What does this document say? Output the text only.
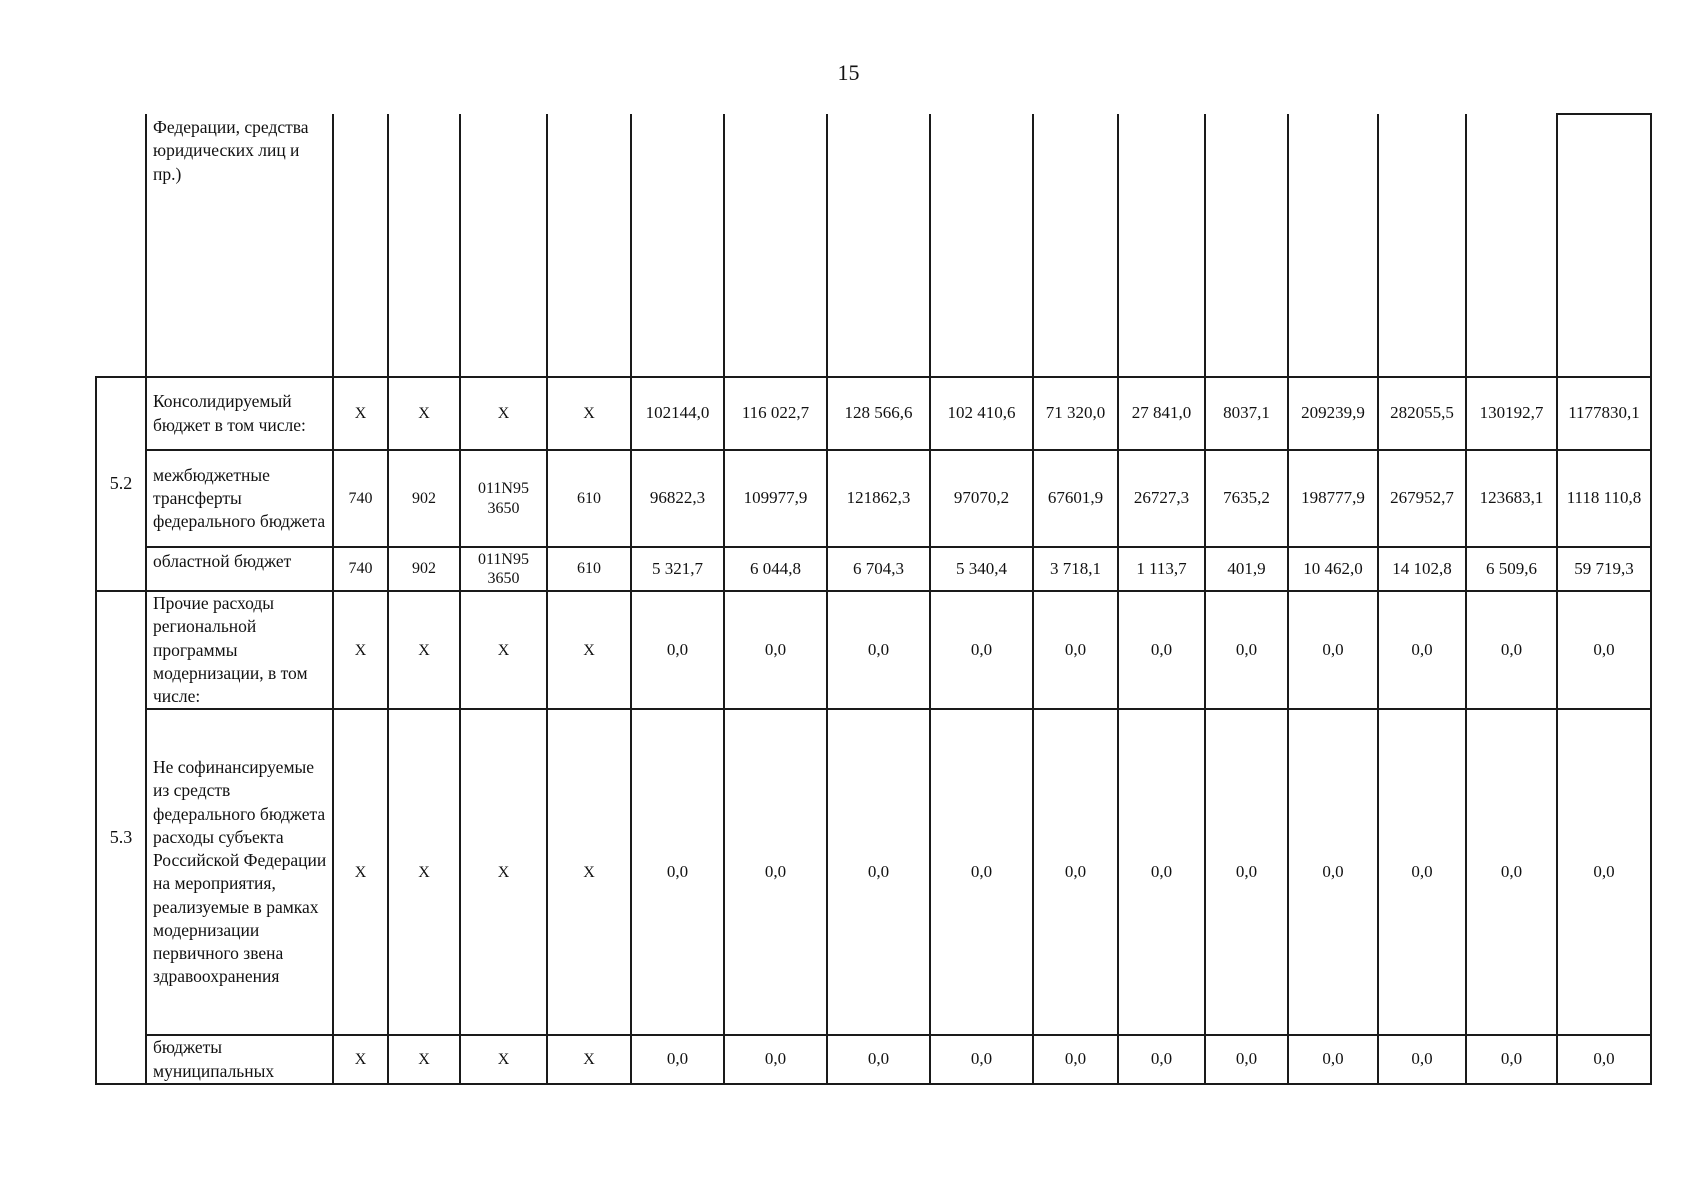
15
	Федерации, средства юридических лиц и пр.)															
5.2	Консолидируемый бюджет в том числе:	X	X	X	X	102144,0	116 022,7	128 566,6	102 410,6	71 320,0	27 841,0	8037,1	209239,9	282055,5	130192,7	1177830,1
	межбюджетные трансферты федерального бюджета	740	902	011N95 3650	610	96822,3	109977,9	121862,3	97070,2	67601,9	26727,3	7635,2	198777,9	267952,7	123683,1	1118 110,8
	областной бюджет	740	902	011N95 3650	610	5 321,7	6 044,8	6 704,3	5 340,4	3 718,1	1 113,7	401,9	10 462,0	14 102,8	6 509,6	59 719,3
5.3	Прочие расходы региональной программы модернизации, в том числе:	X	X	X	X	0,0	0,0	0,0	0,0	0,0	0,0	0,0	0,0	0,0	0,0	0,0
	Не софинансируемые из средств федерального бюджета расходы субъекта Российской Федерации на мероприятия, реализуемые в рамках модернизации первичного звена здравоохранения	X	X	X	X	0,0	0,0	0,0	0,0	0,0	0,0	0,0	0,0	0,0	0,0	0,0
	бюджеты муниципальных	X	X	X	X	0,0	0,0	0,0	0,0	0,0	0,0	0,0	0,0	0,0	0,0	0,0
